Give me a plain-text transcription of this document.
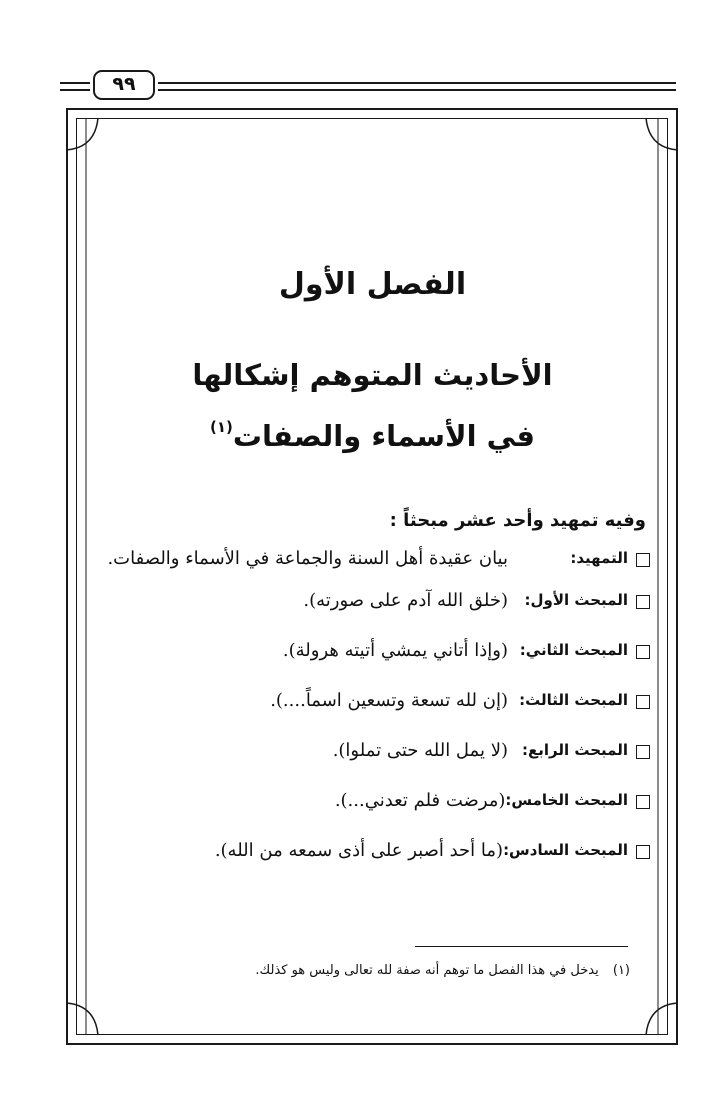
٩٩
الفصل الأول
الأحاديث المتوهم إشكالها
في الأسماء والصفات$^{(١)}$
وفيه تمهيد وأحد عشر مبحثاً :
التمهيد:
بيان عقيدة أهل السنة والجماعة في الأسماء والصفات.
المبحث الأول:
(خلق الله آدم على صورته).
المبحث الثاني:
(وإذا أتاني يمشي أتيته هرولة).
المبحث الثالث:
(إن لله تسعة وتسعين اسماً....).
المبحث الرابع:
(لا يمل الله حتى تملوا).
المبحث الخامس:
(مرضت فلم تعدني...).
المبحث السادس:
(ما أحد أصبر على أذى سمعه من الله).
(١) يدخل في هذا الفصل ما توهم أنه صفة لله تعالى وليس هو كذلك.
